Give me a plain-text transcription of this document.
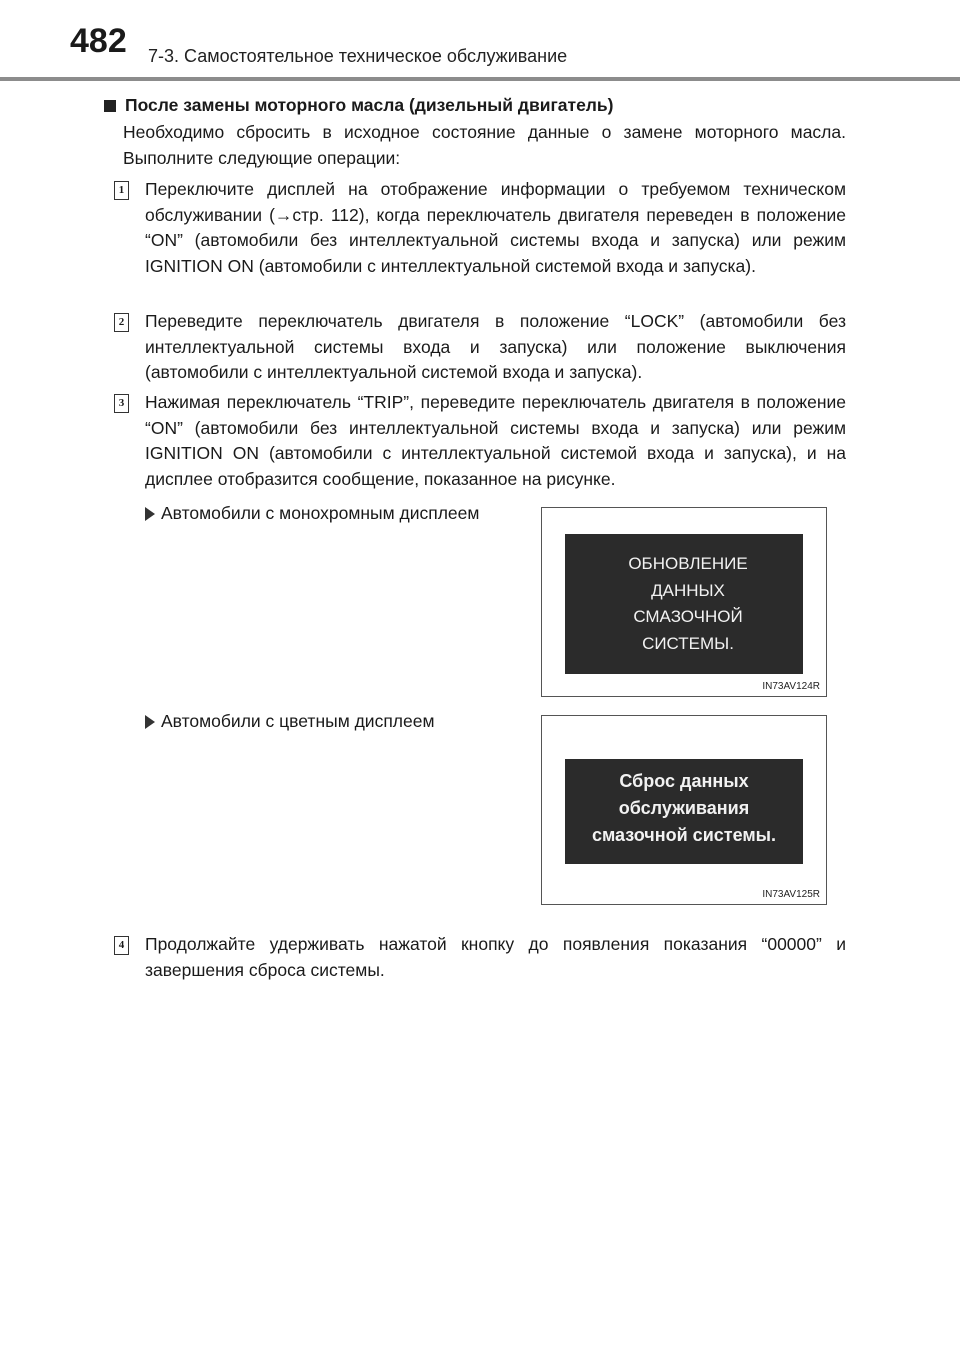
482 7-3. Самостоятельное техническое обслуживание
После замены моторного масла (дизельный двигатель)
Необходимо сбросить в исходное состояние данные о замене моторного масла. Выполните следующие операции:
1 Переключите дисплей на отображение информации о требуемом техническом обслуживании (→стр. 112), когда переключатель двигателя переведен в положение “ON” (автомобили без интеллектуальной системы входа и запуска) или режим IGNITION ON (автомобили с интеллектуальной системой входа и запуска).
2 Переведите переключатель двигателя в положение “LOCK” (автомобили без интеллектуальной системы входа и запуска) или положение выключения (автомобили с интеллектуальной системой входа и запуска).
3 Нажимая переключатель “TRIP”, переведите переключатель двигателя в положение “ON” (автомобили без интеллектуальной системы входа и запуска) или режим IGNITION ON (автомобили с интеллектуальной системой входа и запуска), и на дисплее отобразится сообщение, показанное на рисунке.
Автомобили с монохромным дисплеем
ОБНОВЛЕНИЕ
ДАННЫХ
СМАЗОЧНОЙ
СИСТЕМЫ.
IN73AV124R
Автомобили с цветным дисплеем
Сброс данных
обслуживания
смазочной системы.
IN73AV125R
4 Продолжайте удерживать нажатой кнопку до появления показания “00000” и завершения сброса системы.
